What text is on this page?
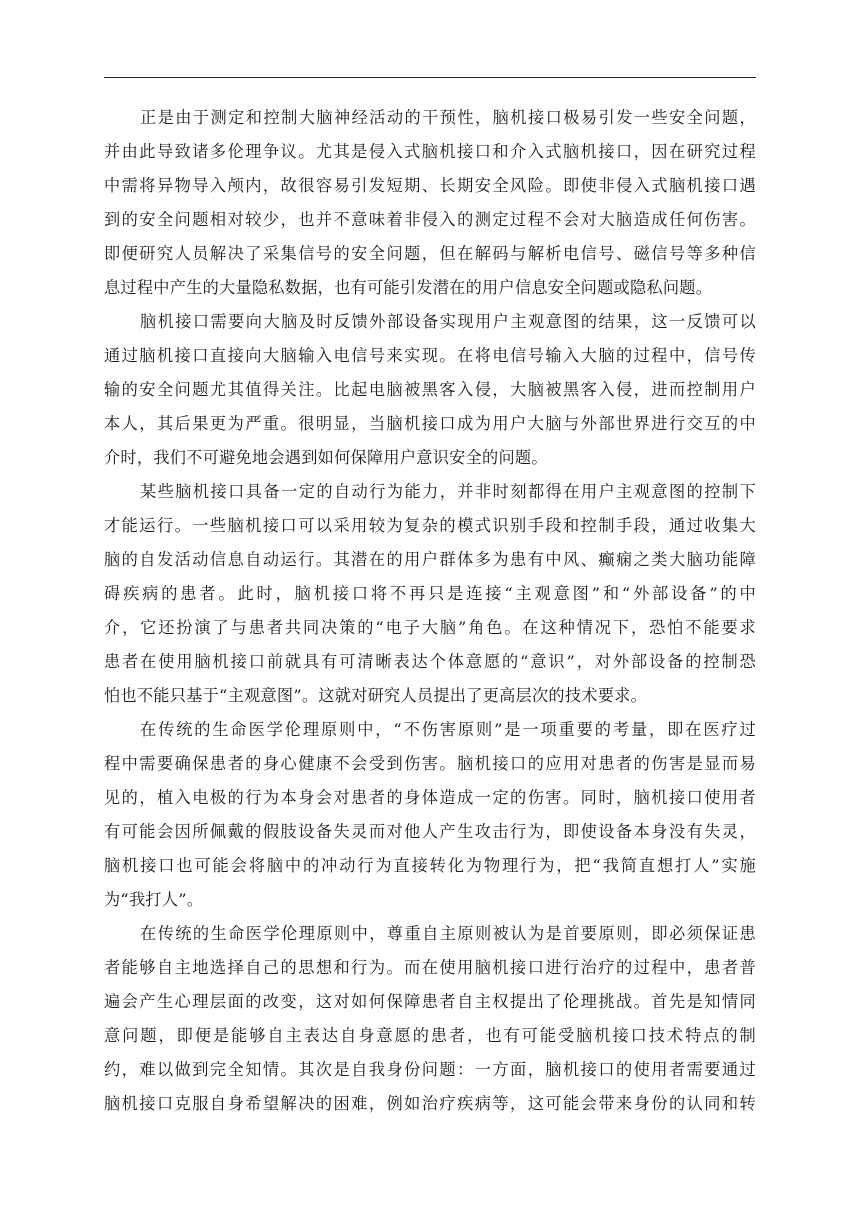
正是由于测定和控制大脑神经活动的干预性，脑机接口极易引发一些安全问题，
并由此导致诸多伦理争议。尤其是侵入式脑机接口和介入式脑机接口，因在研究过程
中需将异物导入颅内，故很容易引发短期、长期安全风险。即使非侵入式脑机接口遇
到的安全问题相对较少，也并不意味着非侵入的测定过程不会对大脑造成任何伤害。
即便研究人员解决了采集信号的安全问题，但在解码与解析电信号、磁信号等多种信
息过程中产生的大量隐私数据，也有可能引发潜在的用户信息安全问题或隐私问题。
脑机接口需要向大脑及时反馈外部设备实现用户主观意图的结果，这一反馈可以
通过脑机接口直接向大脑输入电信号来实现。在将电信号输入大脑的过程中，信号传
输的安全问题尤其值得关注。比起电脑被黑客入侵，大脑被黑客入侵，进而控制用户
本人，其后果更为严重。很明显，当脑机接口成为用户大脑与外部世界进行交互的中
介时，我们不可避免地会遇到如何保障用户意识安全的问题。
某些脑机接口具备一定的自动行为能力，并非时刻都得在用户主观意图的控制下
才能运行。一些脑机接口可以采用较为复杂的模式识别手段和控制手段，通过收集大
脑的自发活动信息自动运行。其潜在的用户群体多为患有中风、癫痫之类大脑功能障
碍疾病的患者。此时，脑机接口将不再只是连接“主观意图”和“外部设备”的中
介，它还扮演了与患者共同决策的“电子大脑”角色。在这种情况下，恐怕不能要求
患者在使用脑机接口前就具有可清晰表达个体意愿的“意识”，对外部设备的控制恐
怕也不能只基于“主观意图”。这就对研究人员提出了更高层次的技术要求。
在传统的生命医学伦理原则中，“不伤害原则”是一项重要的考量，即在医疗过
程中需要确保患者的身心健康不会受到伤害。脑机接口的应用对患者的伤害是显而易
见的，植入电极的行为本身会对患者的身体造成一定的伤害。同时，脑机接口使用者
有可能会因所佩戴的假肢设备失灵而对他人产生攻击行为，即使设备本身没有失灵，
脑机接口也可能会将脑中的冲动行为直接转化为物理行为，把“我简直想打人”实施
为“我打人”。
在传统的生命医学伦理原则中，尊重自主原则被认为是首要原则，即必须保证患
者能够自主地选择自己的思想和行为。而在使用脑机接口进行治疗的过程中，患者普
遍会产生心理层面的改变，这对如何保障患者自主权提出了伦理挑战。首先是知情同
意问题，即便是能够自主表达自身意愿的患者，也有可能受脑机接口技术特点的制
约，难以做到完全知情。其次是自我身份问题：一方面，脑机接口的使用者需要通过
脑机接口克服自身希望解决的困难，例如治疗疾病等，这可能会带来身份的认同和转
